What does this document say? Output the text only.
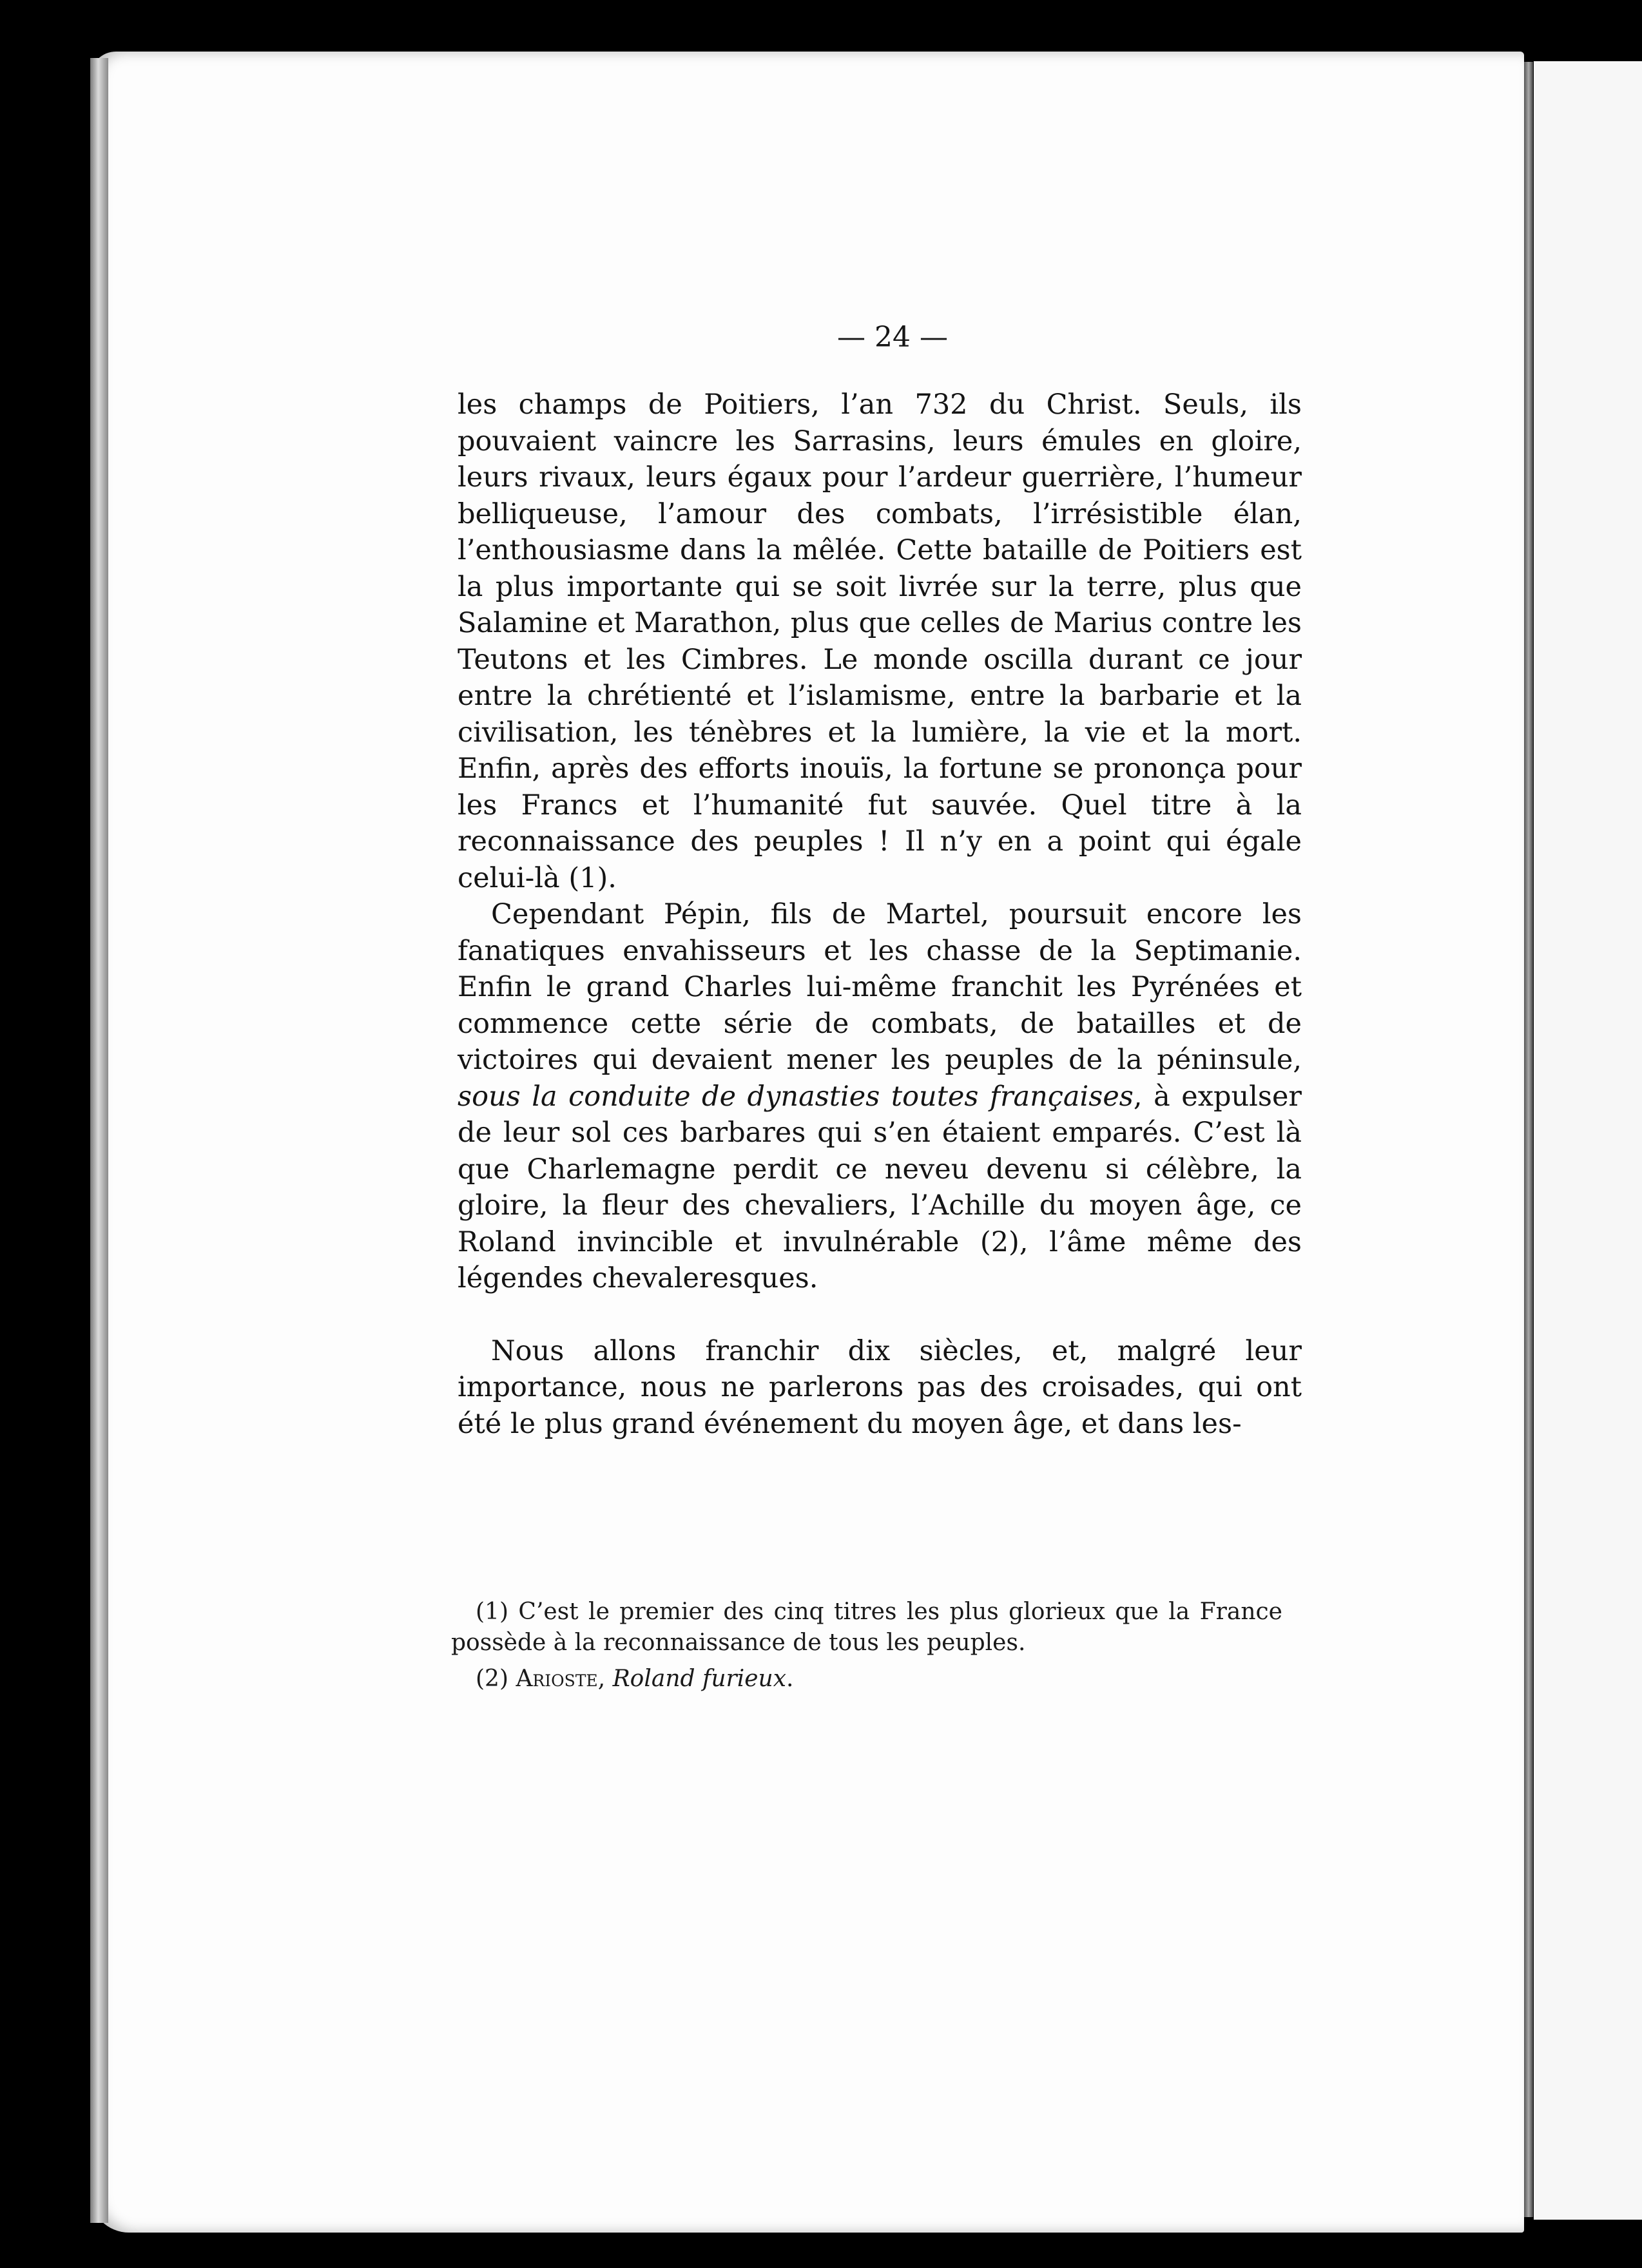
— 24 —

les champs de Poitiers, l’an 732 du Christ. Seuls, ils pouvaient vaincre les Sarrasins, leurs émules en gloire, leurs rivaux, leurs égaux pour l’ardeur guerrière, l’humeur belliqueuse, l’amour des combats, l’irrésistible élan, l’enthousiasme dans la mêlée. Cette bataille de Poitiers est la plus importante qui se soit livrée sur la terre, plus que Salamine et Marathon, plus que celles de Marius contre les Teutons et les Cimbres. Le monde oscilla durant ce jour entre la chrétienté et l’islamisme, entre la barbarie et la civilisation, les ténèbres et la lumière, la vie et la mort. Enfin, après des efforts inouïs, la fortune se prononça pour les Francs et l’humanité fut sauvée. Quel titre à la reconnaissance des peuples ! Il n’y en a point qui égale celui-là (1).

Cependant Pépin, fils de Martel, poursuit encore les fanatiques envahisseurs et les chasse de la Septimanie. Enfin le grand Charles lui-même franchit les Pyrénées et commence cette série de combats, de batailles et de victoires qui devaient mener les peuples de la péninsule, sous la conduite de dynasties toutes françaises, à expulser de leur sol ces barbares qui s’en étaient emparés. C’est là que Charlemagne perdit ce neveu devenu si célèbre, la gloire, la fleur des chevaliers, l’Achille du moyen âge, ce Roland invincible et invulnérable (2), l’âme même des légendes chevaleresques.

Nous allons franchir dix siècles, et, malgré leur importance, nous ne parlerons pas des croisades, qui ont été le plus grand événement du moyen âge, et dans les-

(1) C’est le premier des cinq titres les plus glorieux que la France possède à la reconnaissance de tous les peuples.

(2) Arioste, Roland furieux.
